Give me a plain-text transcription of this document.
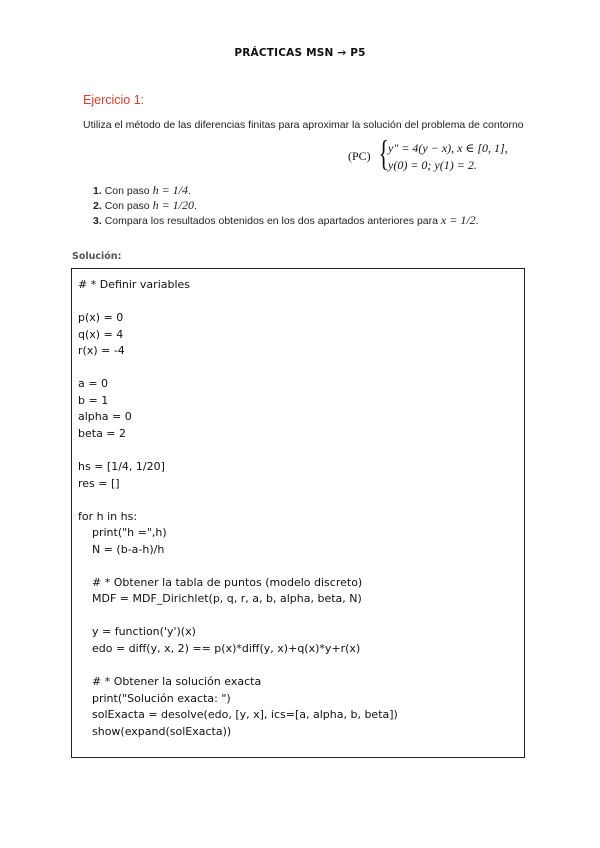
PRÁCTICAS MSN → P5
Ejercicio 1:
Utiliza el método de las diferencias finitas para aproximar la solución del problema de contorno
(PC) { y″ = 4(y − x), x ∈ [0, 1],
y(0) = 0; y(1) = 2.
1. Con paso h = 1/4.
2. Con paso h = 1/20.
3. Compara los resultados obtenidos en los dos apartados anteriores para x = 1/2.
Solución:
# * Definir variables
p(x) = 0
q(x) = 4
r(x) = -4
a = 0
b = 1
alpha = 0
beta = 2
hs = [1/4, 1/20]
res = []
for h in hs:
print("h =",h)
N = (b-a-h)/h
# * Obtener la tabla de puntos (modelo discreto)
MDF = MDF_Dirichlet(p, q, r, a, b, alpha, beta, N)
y = function('y')(x)
edo = diff(y, x, 2) == p(x)*diff(y, x)+q(x)*y+r(x)
# * Obtener la solución exacta
print("Solución exacta: ")
solExacta = desolve(edo, [y, x], ics=[a, alpha, b, beta])
show(expand(solExacta))
